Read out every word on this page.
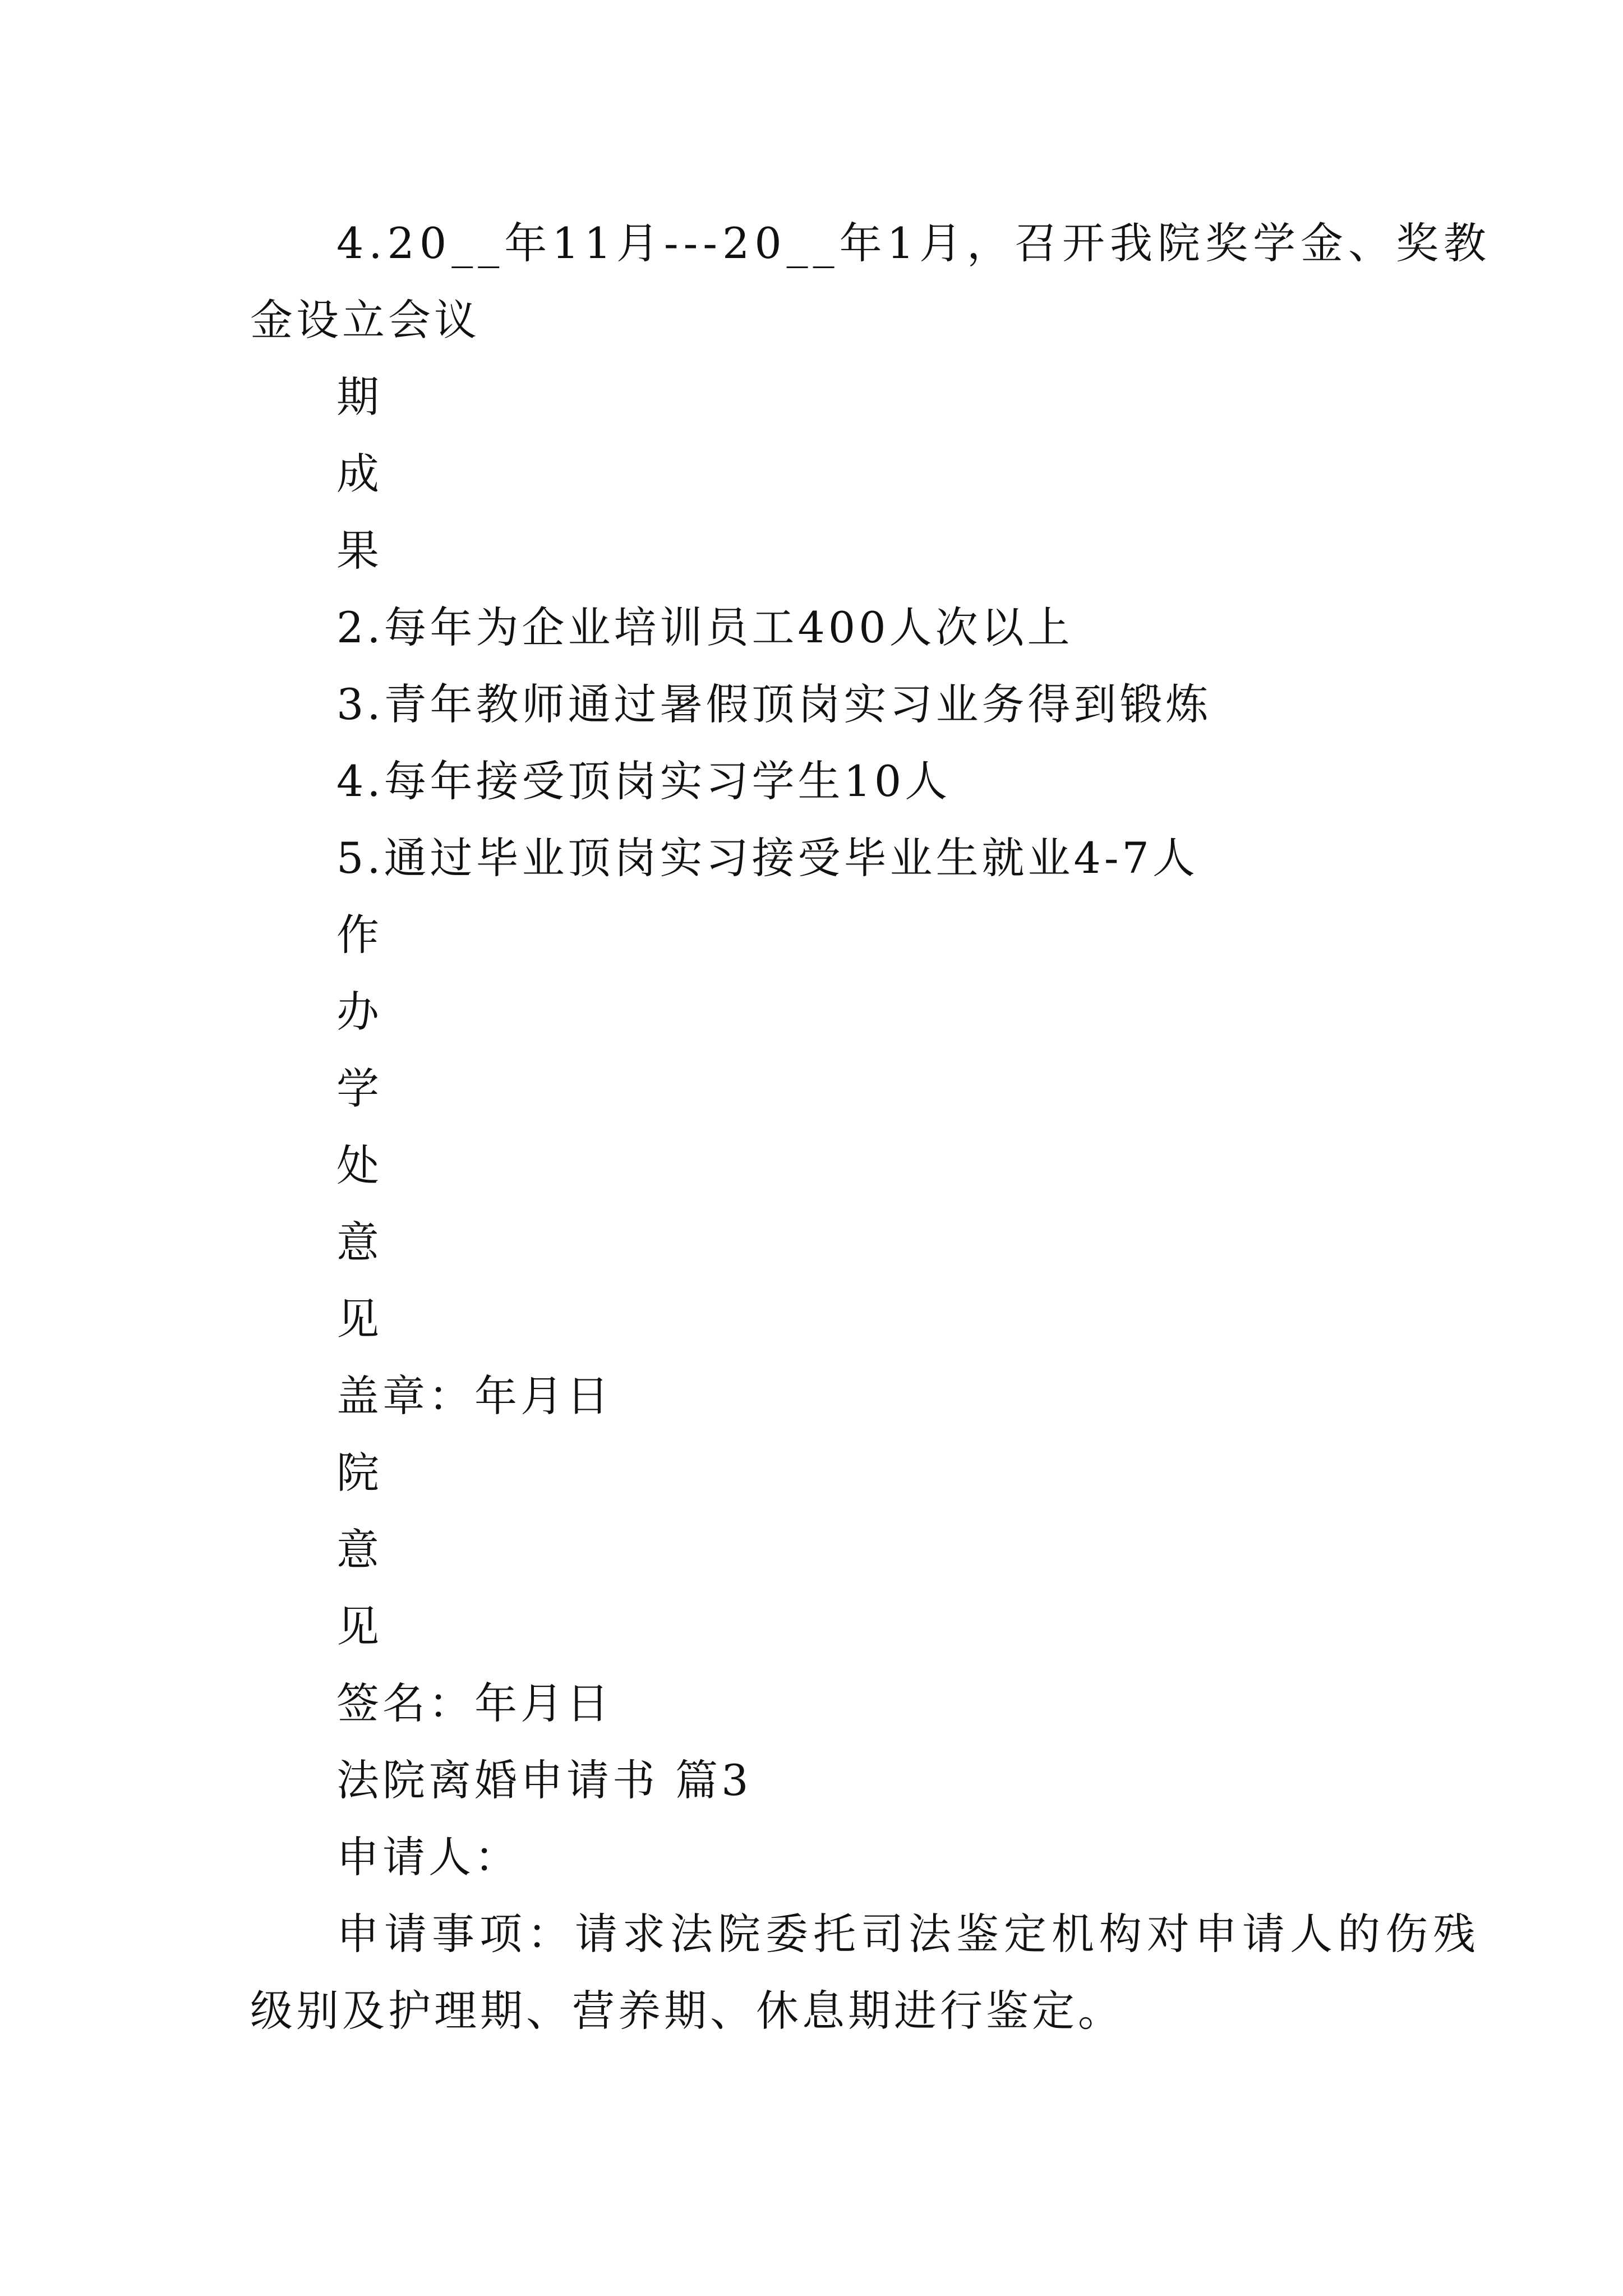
4.20__年11月---20__年1月，召开我院奖学金、奖教
金设立会议
期
成
果
2.每年为企业培训员工400人次以上
3.青年教师通过暑假顶岗实习业务得到锻炼
4.每年接受顶岗实习学生10人
5.通过毕业顶岗实习接受毕业生就业4-7人
作
办
学
处
意
见
盖章：年月日
院
意
见
签名：年月日
法院离婚申请书 篇3
申请人：
申请事项：请求法院委托司法鉴定机构对申请人的伤残
级别及护理期、营养期、休息期进行鉴定。
